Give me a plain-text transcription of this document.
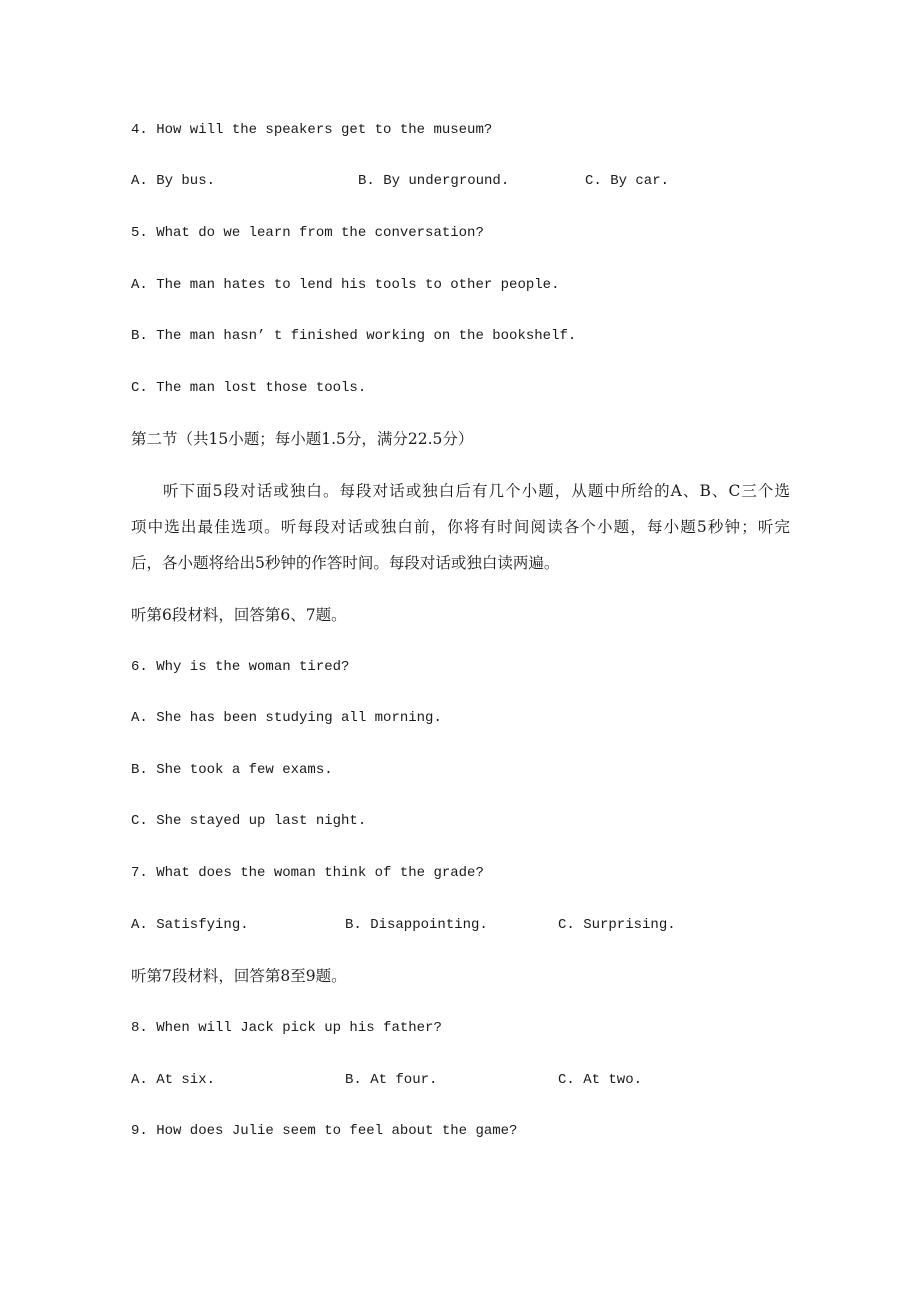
4. How will the speakers get to the museum?
A. By bus.	B. By underground.	C. By car.
5. What do we learn from the conversation?
A. The man hates to lend his tools to other people.
B. The man hasn’ t finished working on the bookshelf.
C. The man lost those tools.
第二节（共15小题；每小题1.5分，满分22.5分）
听下面5段对话或独白。每段对话或独白后有几个小题，从题中所给的A、B、C三个选
项中选出最佳选项。听每段对话或独白前，你将有时间阅读各个小题，每小题5秒钟；听完
后，各小题将给出5秒钟的作答时间。每段对话或独白读两遍。
听第6段材料，回答第6、7题。
6. Why is the woman tired?
A. She has been studying all morning.
B. She took a few exams.
C. She stayed up last night.
7. What does the woman think of the grade?
A. Satisfying.	B. Disappointing.	C. Surprising.
听第7段材料，回答第8至9题。
8. When will Jack pick up his father?
A. At six.	B. At four.	C. At two.
9. How does Julie seem to feel about the game?
